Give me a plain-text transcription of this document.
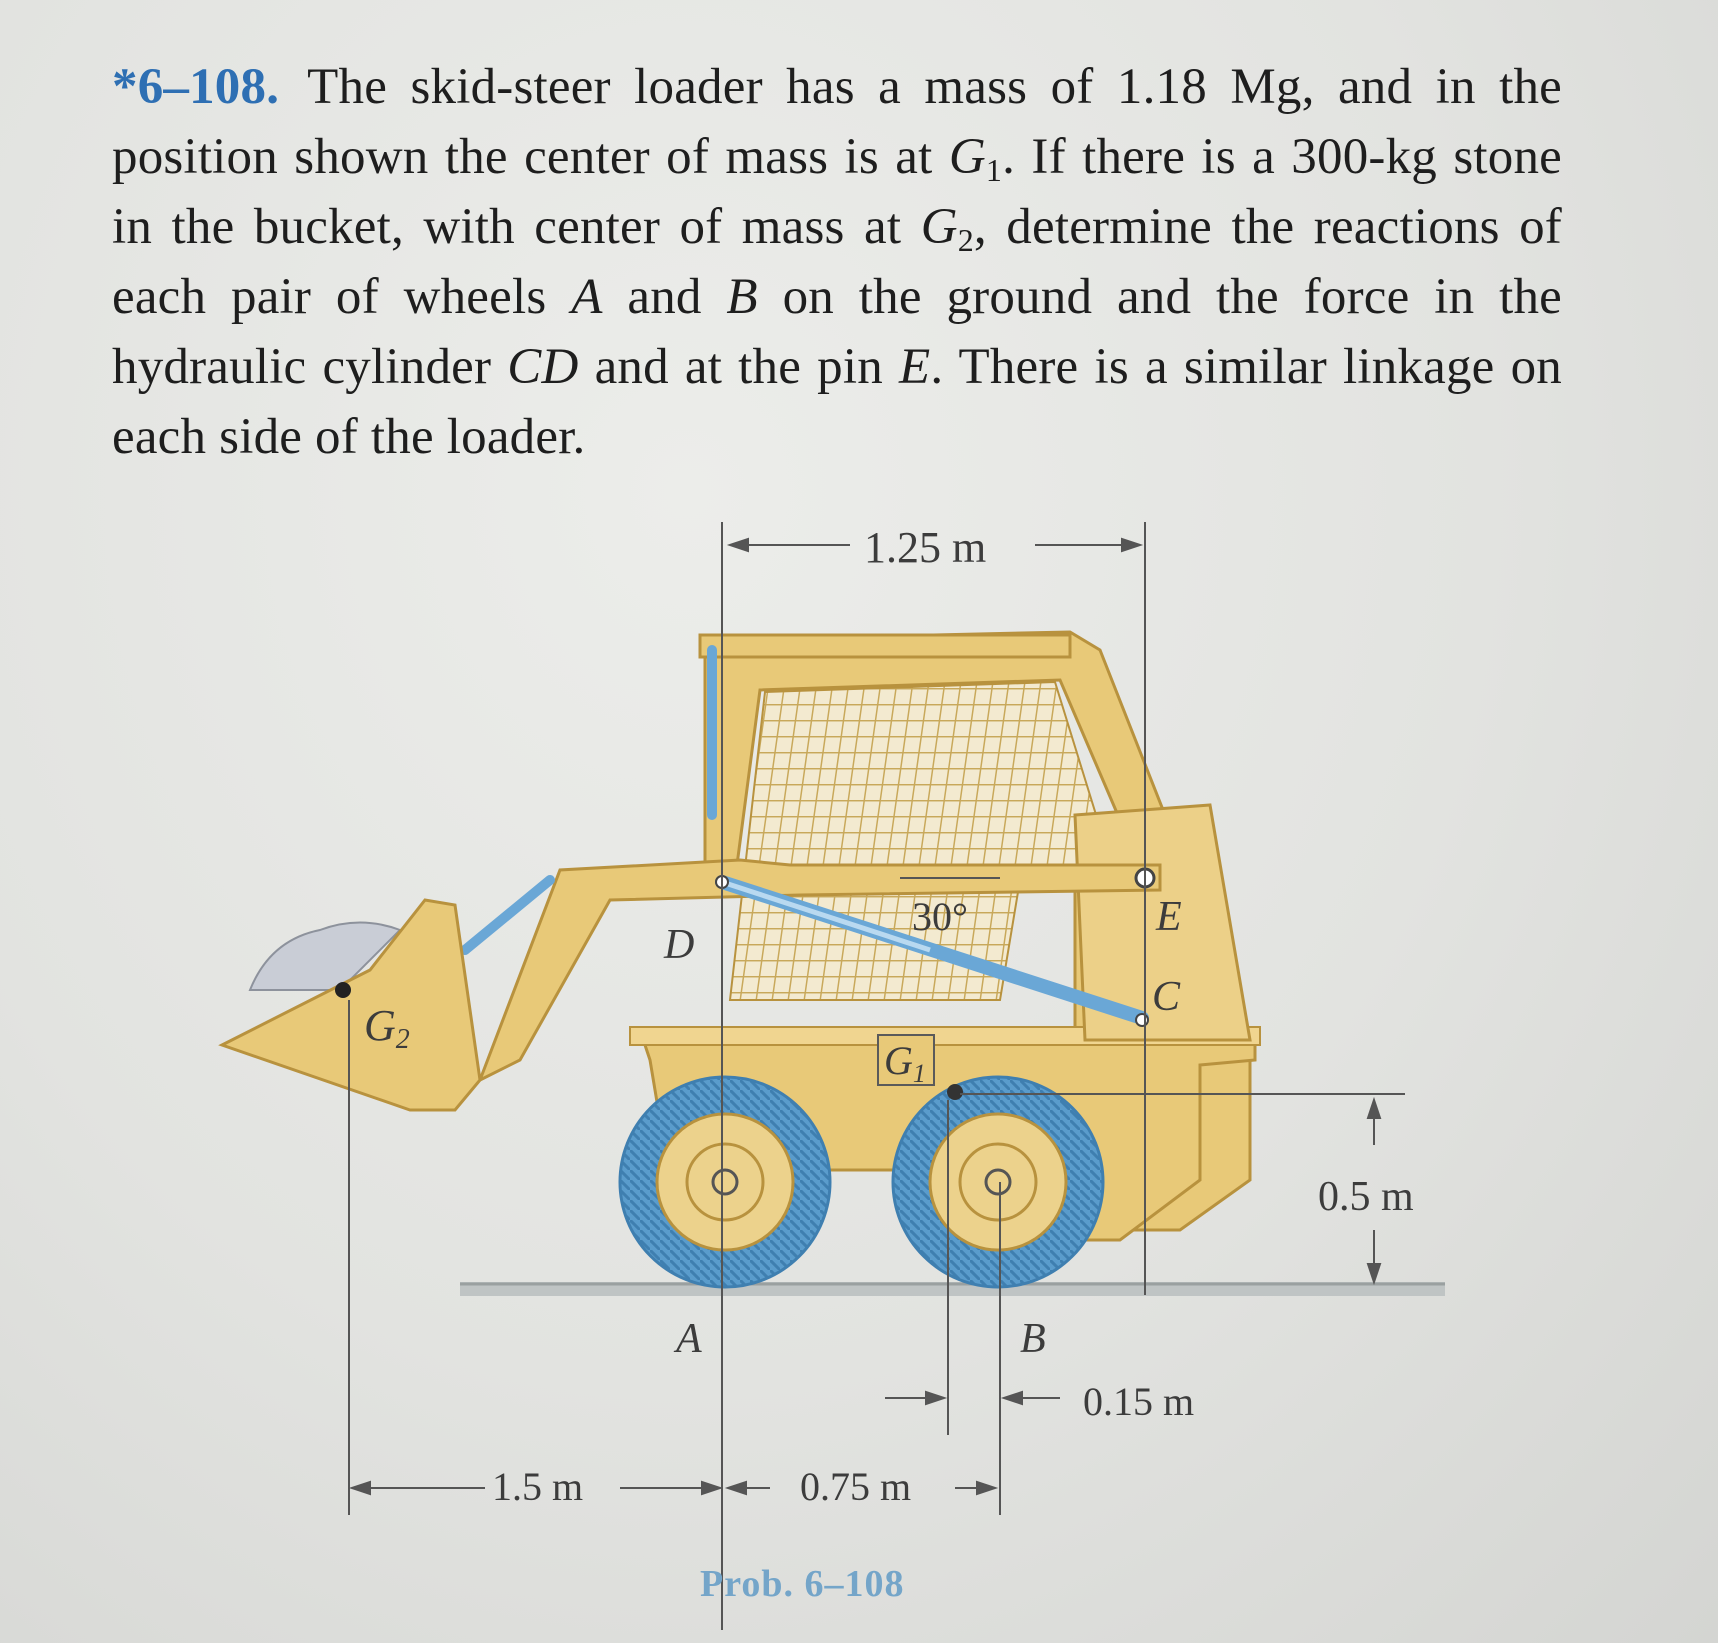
*6–108. The skid-steer loader has a mass of 1.18 Mg, and in the position shown the center of mass is at $G_1$. If there is a 300-kg stone in the bucket, with center of mass at $G_2$, determine the reactions of each pair of wheels A and B on the ground and the force in the hydraulic cylinder CD and at the pin E. There is a similar linkage on each side of the loader.
1.25 m
0.5 m
0.15 m
1.5 m	0.75 m
30°
G2	$G_1$
A	B
C
D
E
Prob. 6–108
